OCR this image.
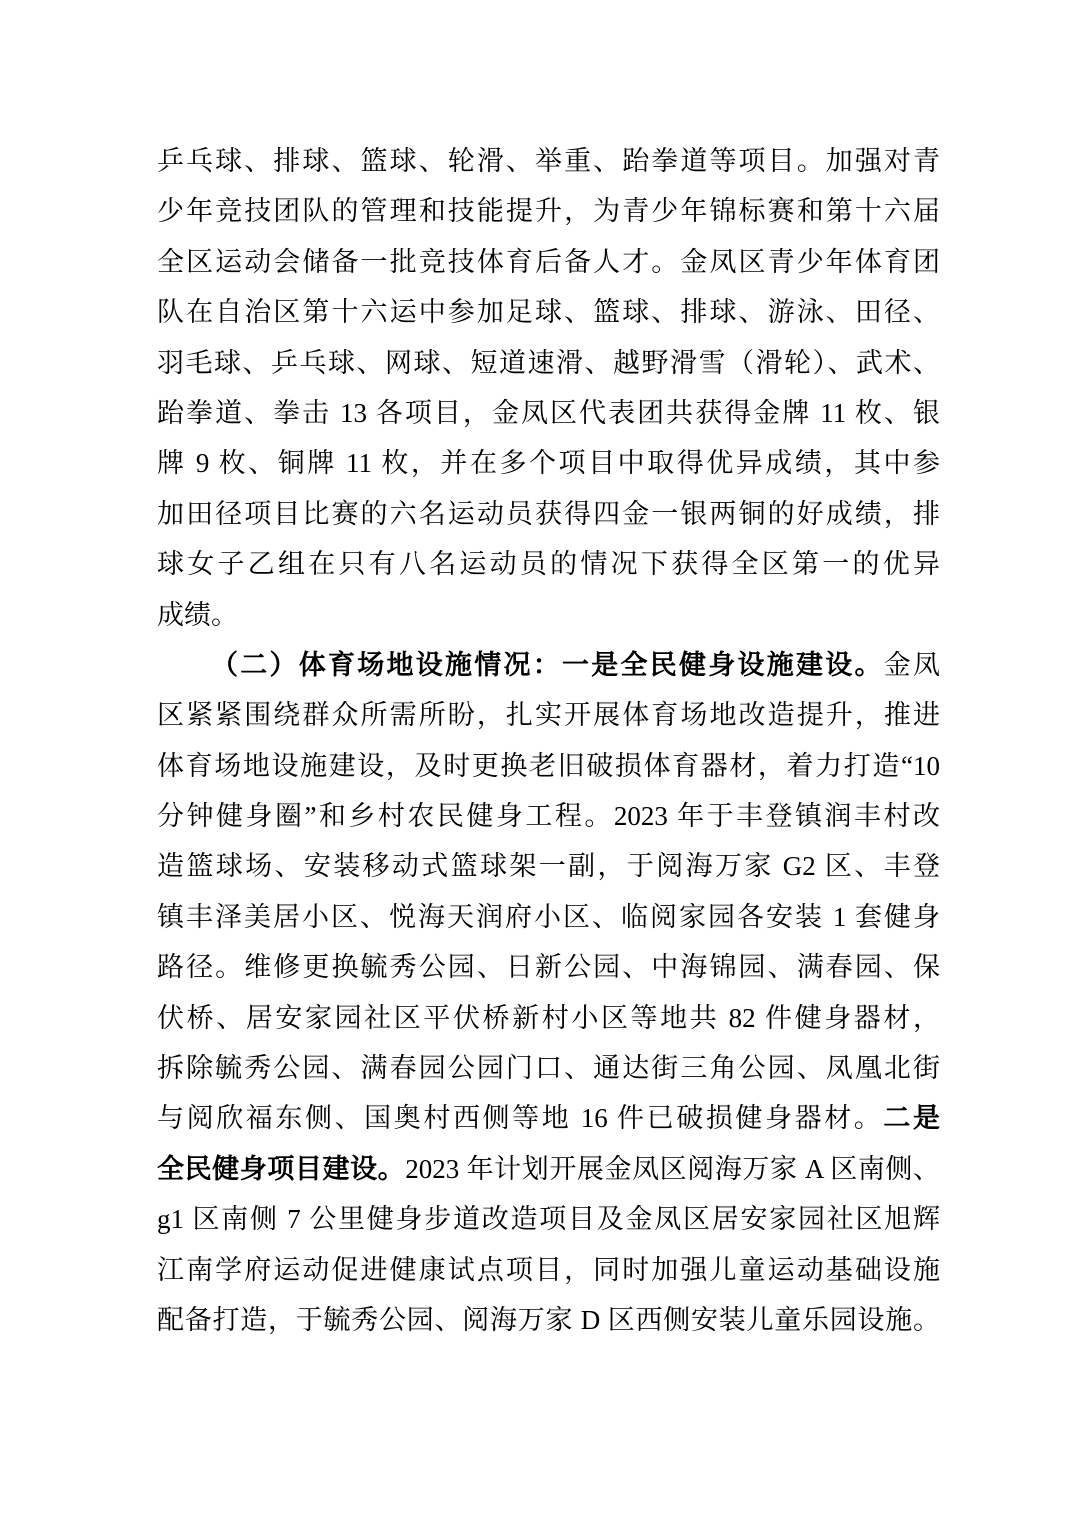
乒乓球、排球、篮球、轮滑、举重、跆拳道等项目。加强对青
少年竞技团队的管理和技能提升，为青少年锦标赛和第十六届
全区运动会储备一批竞技体育后备人才。金凤区青少年体育团
队在自治区第十六运中参加足球、篮球、排球、游泳、田径、
羽毛球、乒乓球、网球、短道速滑、越野滑雪（滑轮）、武术、
跆拳道、拳击 13 各项目，金凤区代表团共获得金牌 11 枚、银
牌 9 枚、铜牌 11 枚，并在多个项目中取得优异成绩，其中参
加田径项目比赛的六名运动员获得四金一银两铜的好成绩，排
球女子乙组在只有八名运动员的情况下获得全区第一的优异
成绩。
（二）体育场地设施情况：一是全民健身设施建设。金凤
区紧紧围绕群众所需所盼，扎实开展体育场地改造提升，推进
体育场地设施建设，及时更换老旧破损体育器材，着力打造“10
分钟健身圈”和乡村农民健身工程。2023 年于丰登镇润丰村改
造篮球场、安装移动式篮球架一副，于阅海万家 G2 区、丰登
镇丰泽美居小区、悦海天润府小区、临阅家园各安装 1 套健身
路径。维修更换毓秀公园、日新公园、中海锦园、满春园、保
伏桥、居安家园社区平伏桥新村小区等地共 82 件健身器材，
拆除毓秀公园、满春园公园门口、通达街三角公园、凤凰北街
与阅欣福东侧、国奥村西侧等地 16 件已破损健身器材。二是
全民健身项目建设。2023 年计划开展金凤区阅海万家 A 区南侧、
g1 区南侧 7 公里健身步道改造项目及金凤区居安家园社区旭辉
江南学府运动促进健康试点项目，同时加强儿童运动基础设施
配备打造，于毓秀公园、阅海万家 D 区西侧安装儿童乐园设施。
